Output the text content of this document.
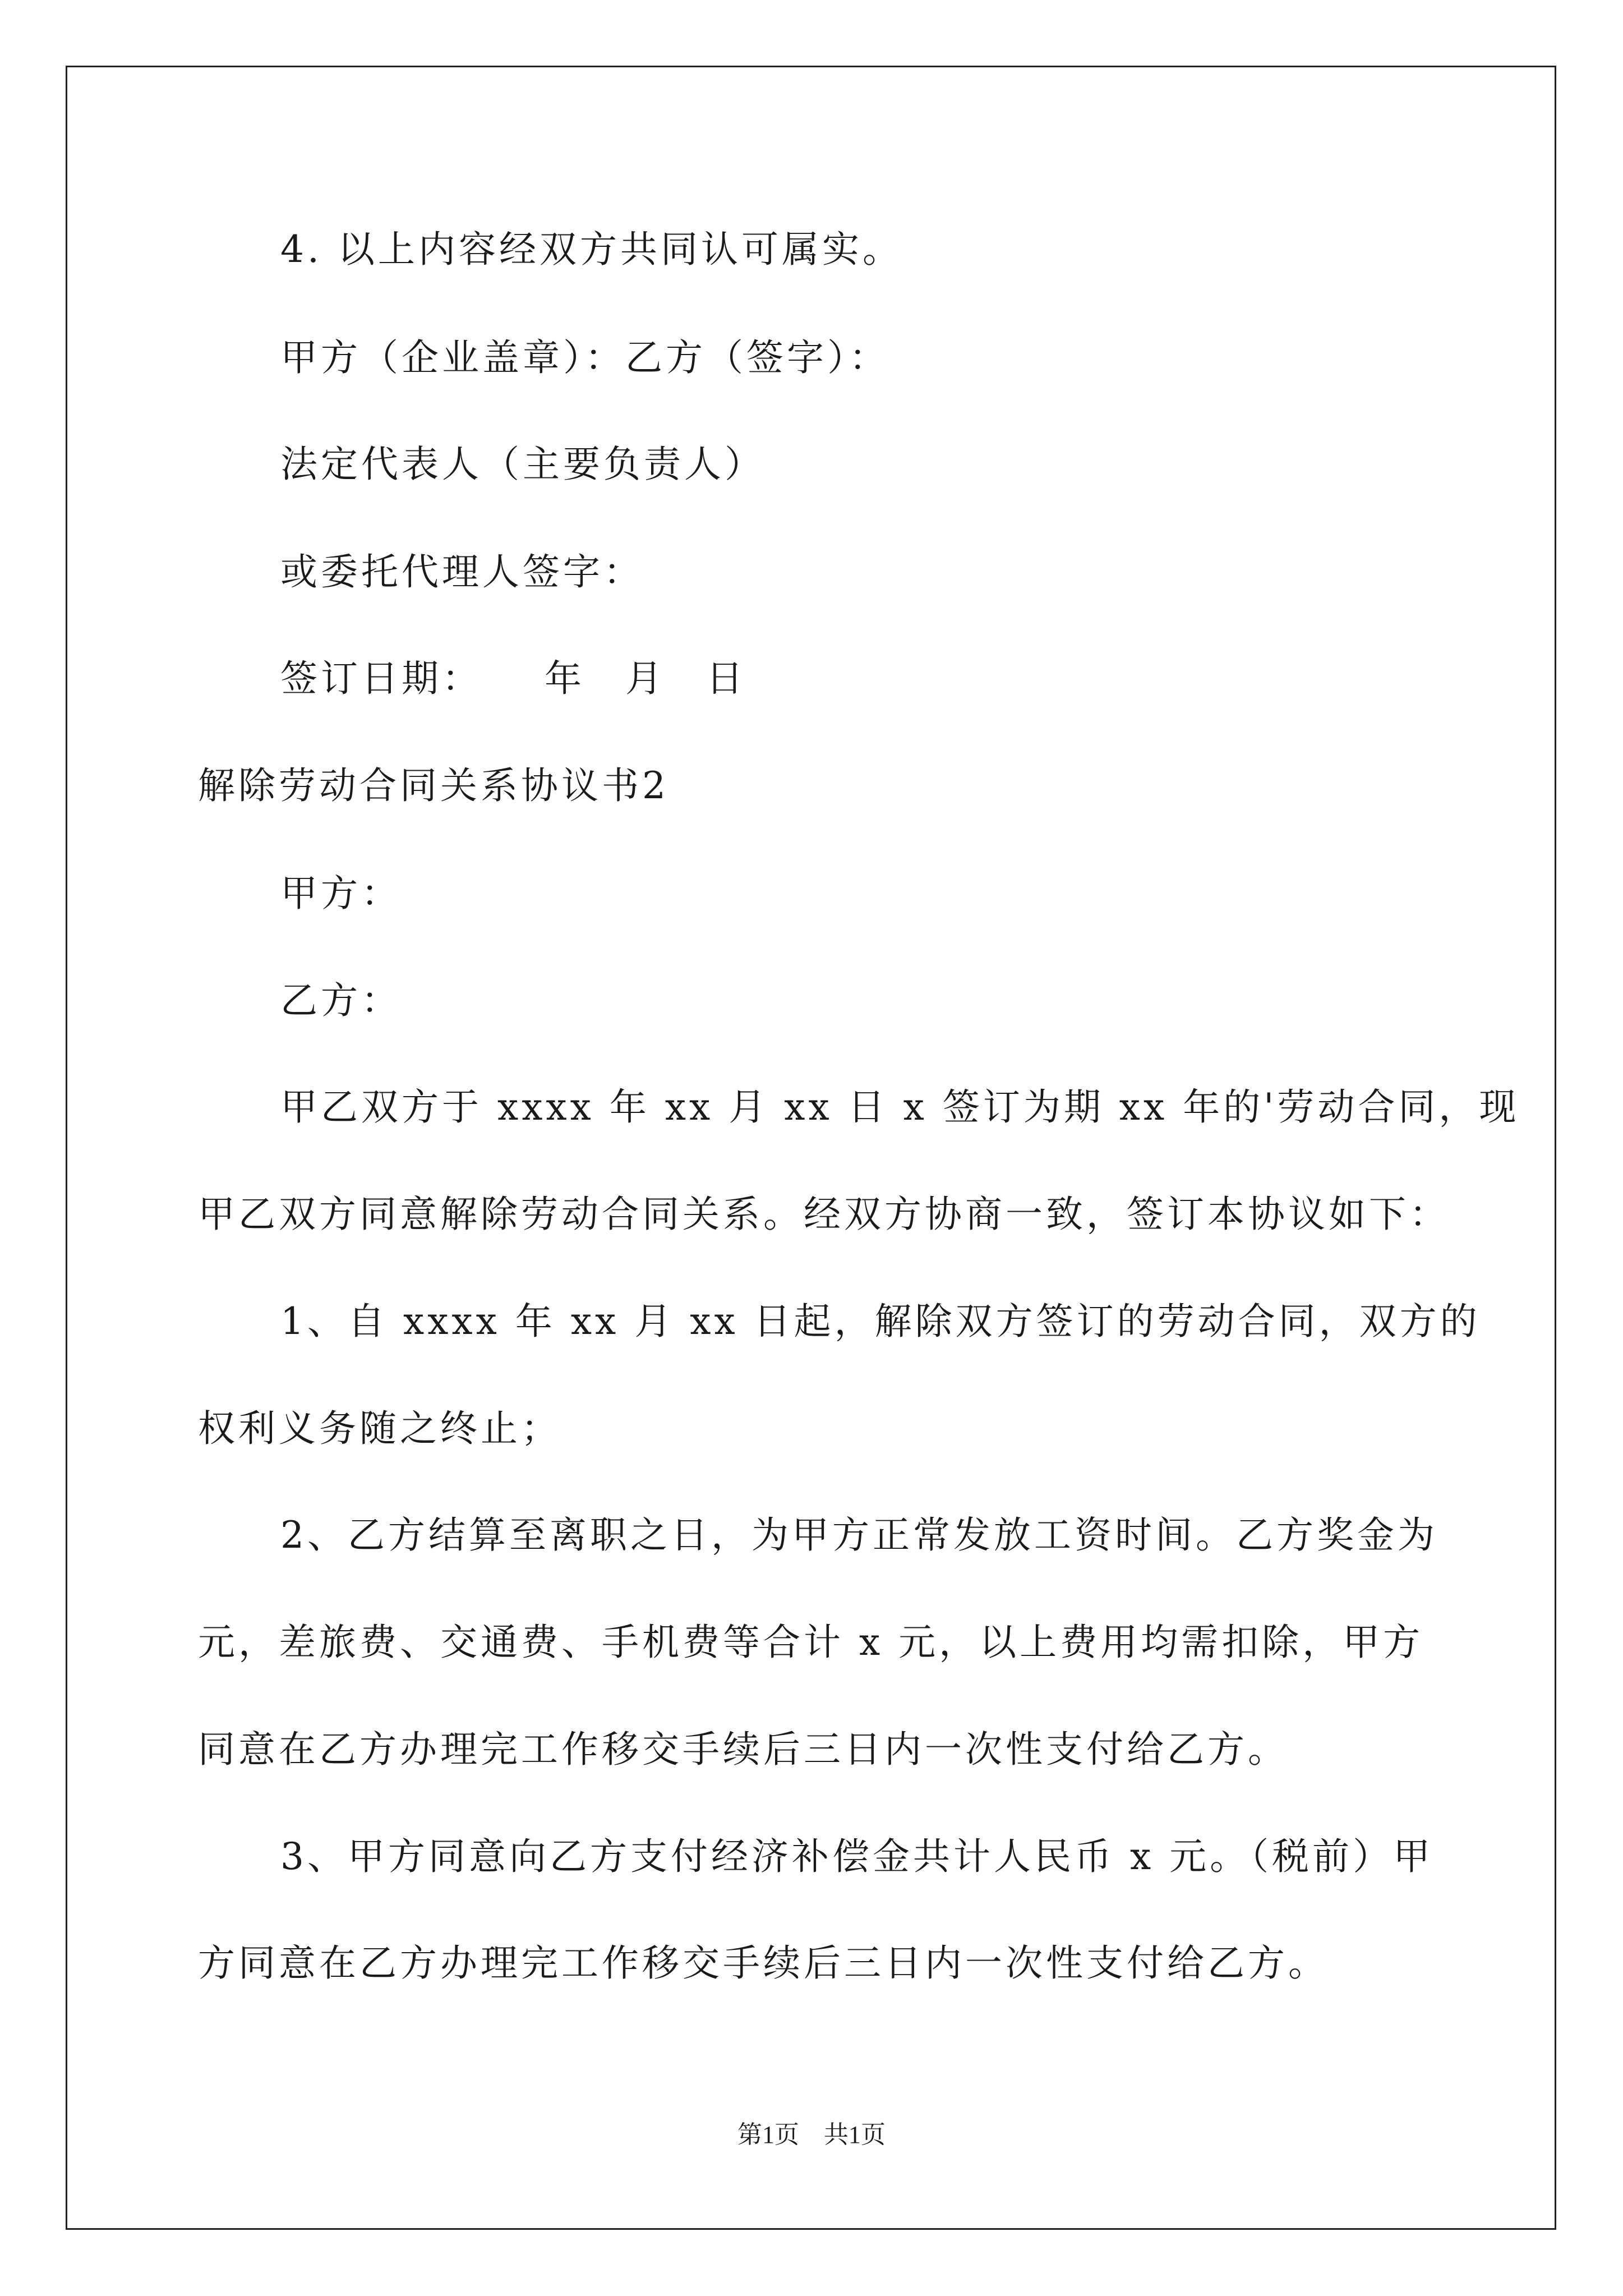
4. 以上内容经双方共同认可属实。
甲方（企业盖章）：乙方（签字）：
法定代表人（主要负责人）
或委托代理人签字：
签订日期：　　年　月　日
解除劳动合同关系协议书2
甲方：
乙方：
甲乙双方于 xxxx 年 xx 月 xx 日 x 签订为期 xx 年的'劳动合同，现
甲乙双方同意解除劳动合同关系。经双方协商一致，签订本协议如下：
1、自 xxxx 年 xx 月 xx 日起，解除双方签订的劳动合同，双方的
权利义务随之终止；
2、乙方结算至离职之日，为甲方正常发放工资时间。乙方奖金为
元，差旅费、交通费、手机费等合计 x 元，以上费用均需扣除，甲方
同意在乙方办理完工作移交手续后三日内一次性支付给乙方。
3、甲方同意向乙方支付经济补偿金共计人民币 x 元。（税前）甲
方同意在乙方办理完工作移交手续后三日内一次性支付给乙方。
第1页　共1页
